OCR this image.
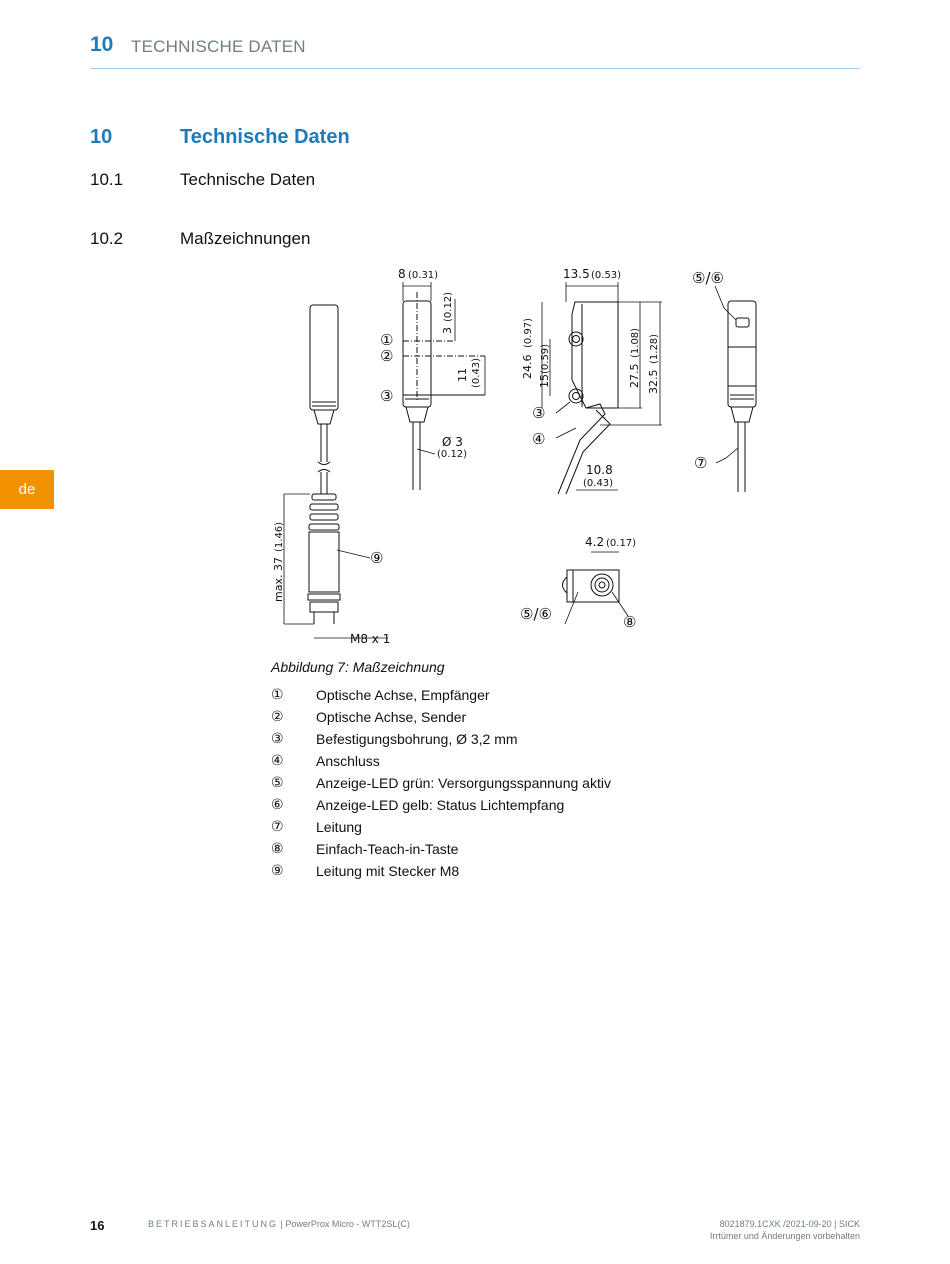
10 TECHNISCHE DATEN
de
10	Technische Daten
10.1	Technische Daten
10.2	Maßzeichnungen
8 (0.31)
3
(0.12)
11 (0.43)
Ø 3
(0.12)
13.5 (0.53)
24.6
(0.97)
15
(0.59)
27.5
(1.08)
32.5
(1.28)
10.8
(0.43)
4.2 (0.17)
max. 37
(1.46)
M8 x 1
①
②
③
③
④
⑨
⑤/⑥	⑧
⑤/⑥
⑦
Abbildung 7: Maßzeichnung
①	Optische Achse, Empfänger
②	Optische Achse, Sender
③	Befestigungsbohrung, Ø 3,2 mm
④	Anschluss
⑤	Anzeige-LED grün: Versorgungsspannung aktiv
⑥	Anzeige-LED gelb: Status Lichtempfang
⑦	Leitung
⑧	Einfach-Teach-in-Taste
⑨	Leitung mit Stecker M8
16	BETRIEBSANLEITUNG | PowerProx Micro - WTT2SL(C)	8021879.1CXK /2021-09-20 | SICK
Irrtümer und Änderungen vorbehalten
